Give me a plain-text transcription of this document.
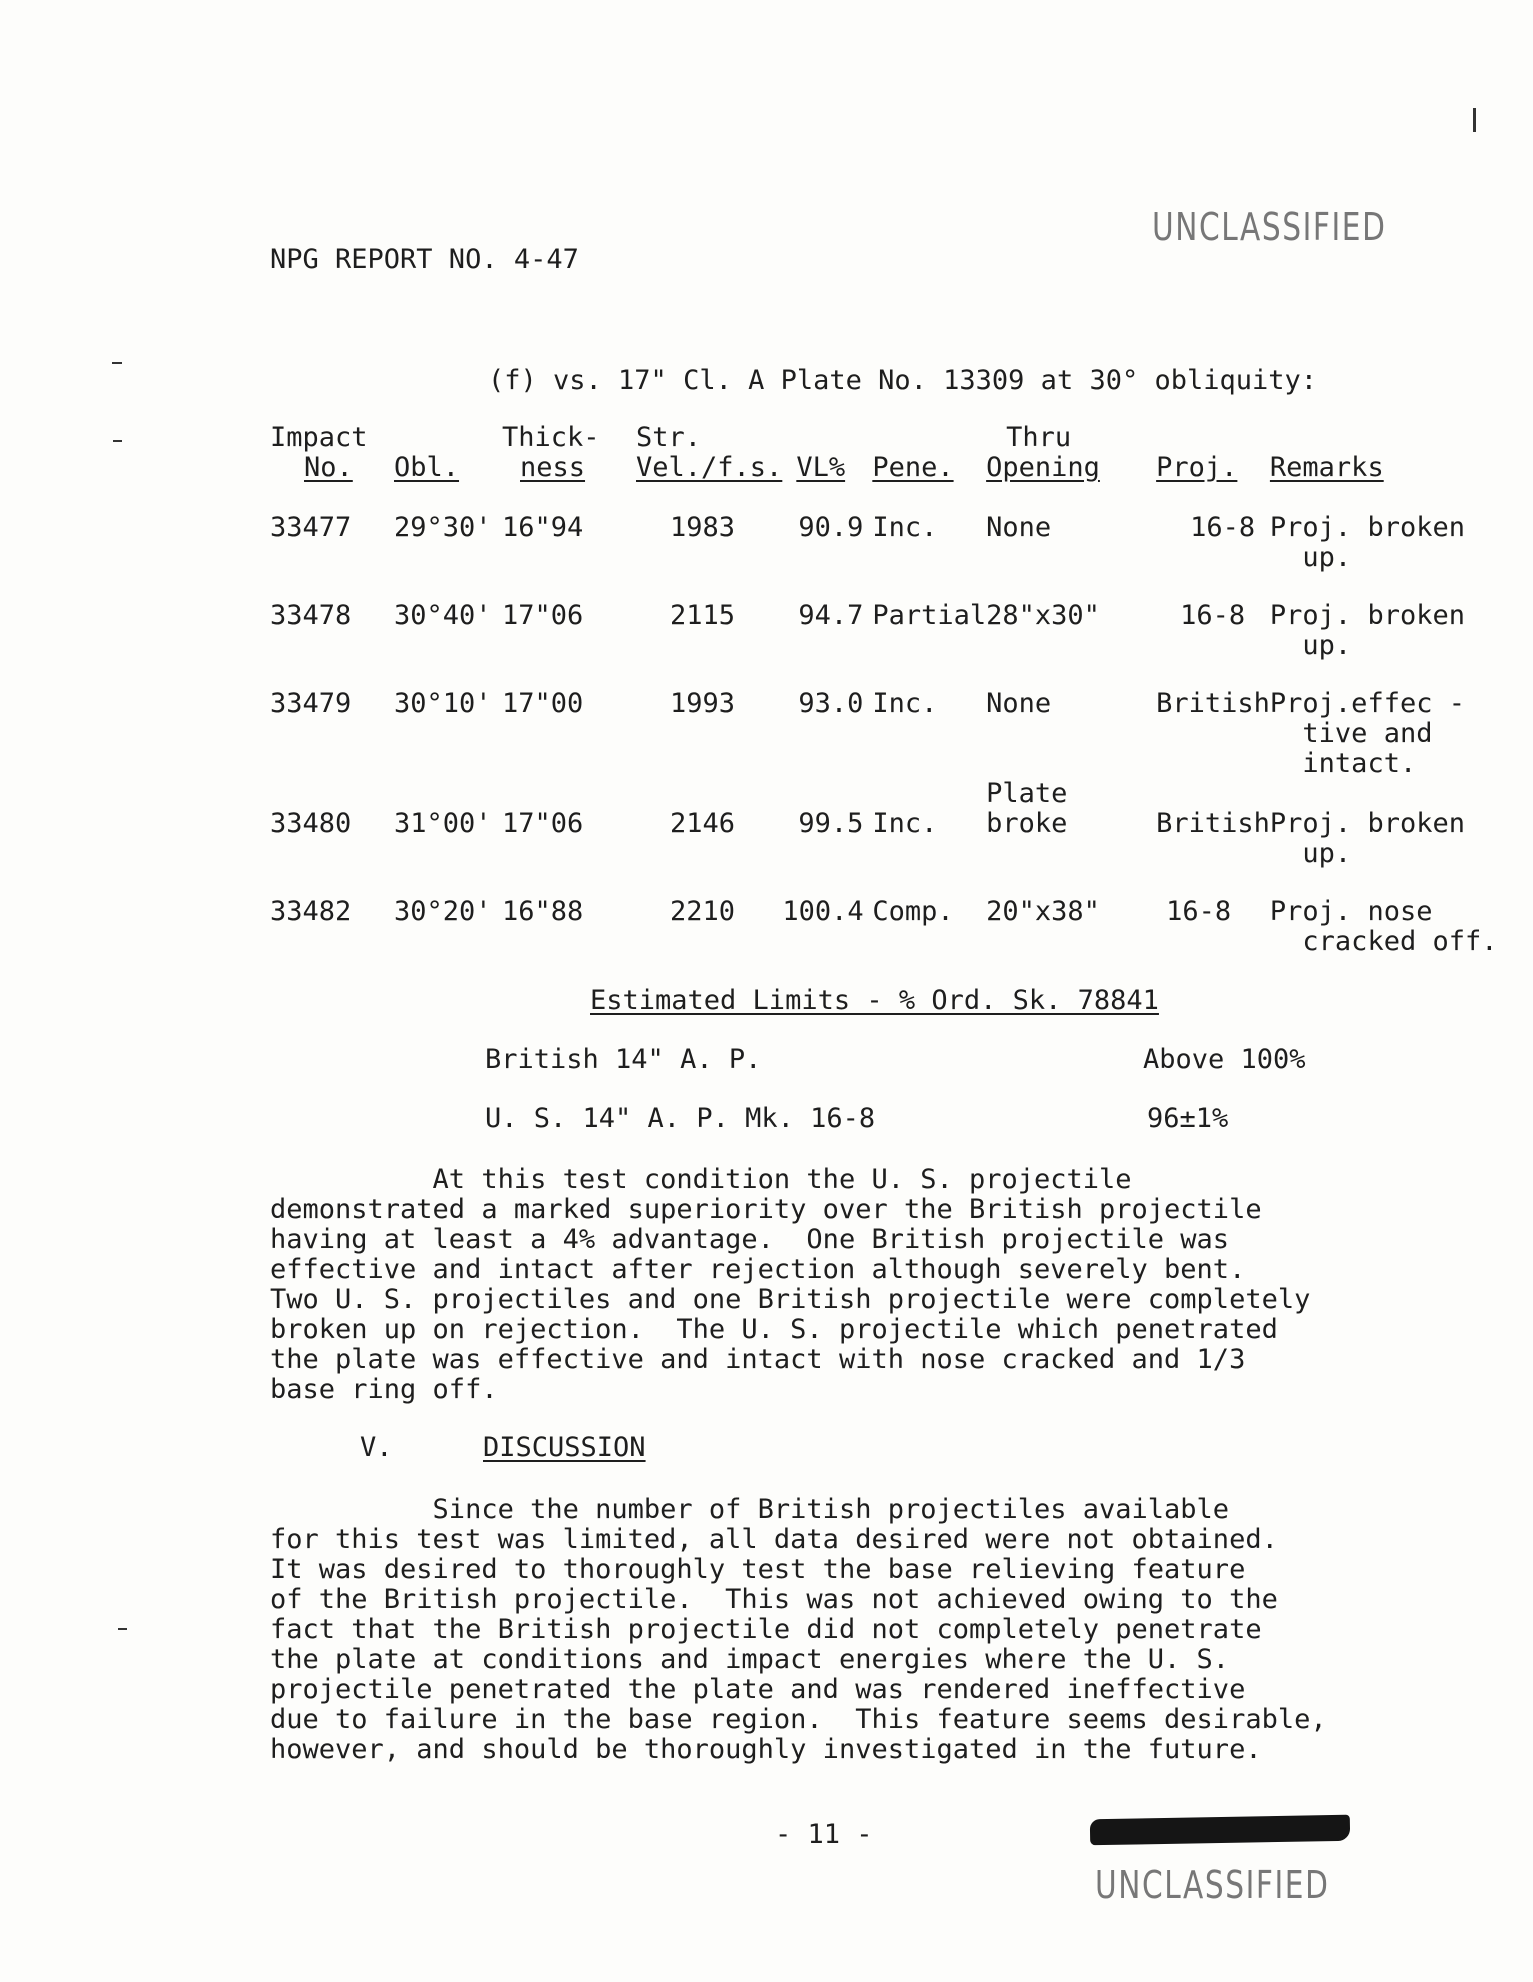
NPG REPORT NO. 4-47
UNCLASSIFIED
(f) vs. 17" Cl. A Plate No. 13309 at 30° obliquity:
Impact		Thick-	Str.			Thru		
No.	Obl.	ness	Vel./f.s.	VL%	Pene.	Opening	Proj.	Remarks

33477	29°30'	16"94	1983	90.9	Inc.	None	16-8	Proj. broken
up.

33478	30°40'	17"06	2115	94.7	Partial	28"x30"	16-8	Proj. broken
up.

33479	30°10'	17"00	1993	93.0	Inc.	None	British	Proj.effec -
tive and
intact.
						Plate		
33480	31°00'	17"06	2146	99.5	Inc.	broke	British	Proj. broken
up.

33482	30°20'	16"88	2210	100.4	Comp.	20"x38"	16-8	Proj. nose
cracked off.
Estimated Limits - % Ord. Sk. 78841
British 14" A. P.	Above 100%
U. S. 14" A. P. Mk. 16-8	96±1%
At this test condition the U. S. projectile
demonstrated a marked superiority over the British projectile
having at least a 4% advantage.  One British projectile was
effective and intact after rejection although severely bent.
Two U. S. projectiles and one British projectile were completely
broken up on rejection.  The U. S. projectile which penetrated
the plate was effective and intact with nose cracked and 1/3
base ring off.
V.	DISCUSSION
Since the number of British projectiles available
for this test was limited, all data desired were not obtained.
It was desired to thoroughly test the base relieving feature
of the British projectile.  This was not achieved owing to the
fact that the British projectile did not completely penetrate
the plate at conditions and impact energies where the U. S.
projectile penetrated the plate and was rendered ineffective
due to failure in the base region.  This feature seems desirable,
however, and should be thoroughly investigated in the future.
- 11 -
UNCLASSIFIED
